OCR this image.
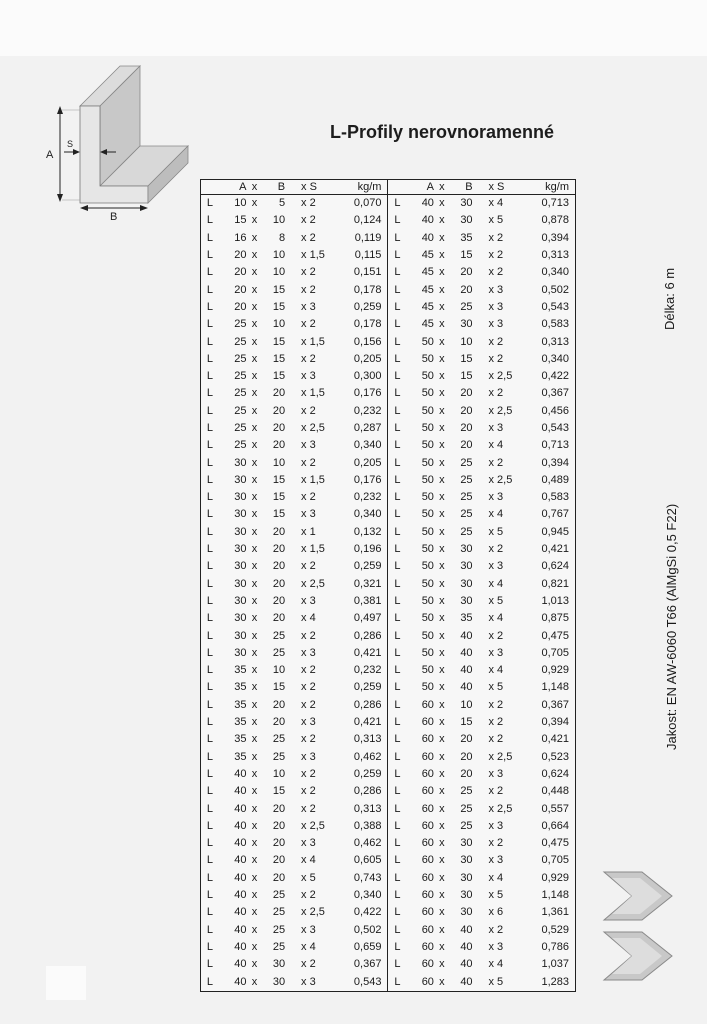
A
S
B
L-Profily nerovnoramenné
	A	x	B		x S	kg/m		A	x	B		x S	kg/m
L	10	x	5		x 2	0,070	L	40	x	30		x 4	0,713
L	15	x	10		x 2	0,124	L	40	x	30		x 5	0,878
L	16	x	8		x 2	0,119	L	40	x	35		x 2	0,394
L	20	x	10		x 1,5	0,115	L	45	x	15		x 2	0,313
L	20	x	10		x 2	0,151	L	45	x	20		x 2	0,340
L	20	x	15		x 2	0,178	L	45	x	20		x 3	0,502
L	20	x	15		x 3	0,259	L	45	x	25		x 3	0,543
L	25	x	10		x 2	0,178	L	45	x	30		x 3	0,583
L	25	x	15		x 1,5	0,156	L	50	x	10		x 2	0,313
L	25	x	15		x 2	0,205	L	50	x	15		x 2	0,340
L	25	x	15		x 3	0,300	L	50	x	15		x 2,5	0,422
L	25	x	20		x 1,5	0,176	L	50	x	20		x 2	0,367
L	25	x	20		x 2	0,232	L	50	x	20		x 2,5	0,456
L	25	x	20		x 2,5	0,287	L	50	x	20		x 3	0,543
L	25	x	20		x 3	0,340	L	50	x	20		x 4	0,713
L	30	x	10		x 2	0,205	L	50	x	25		x 2	0,394
L	30	x	15		x 1,5	0,176	L	50	x	25		x 2,5	0,489
L	30	x	15		x 2	0,232	L	50	x	25		x 3	0,583
L	30	x	15		x 3	0,340	L	50	x	25		x 4	0,767
L	30	x	20		x 1	0,132	L	50	x	25		x 5	0,945
L	30	x	20		x 1,5	0,196	L	50	x	30		x 2	0,421
L	30	x	20		x 2	0,259	L	50	x	30		x 3	0,624
L	30	x	20		x 2,5	0,321	L	50	x	30		x 4	0,821
L	30	x	20		x 3	0,381	L	50	x	30		x 5	1,013
L	30	x	20		x 4	0,497	L	50	x	35		x 4	0,875
L	30	x	25		x 2	0,286	L	50	x	40		x 2	0,475
L	30	x	25		x 3	0,421	L	50	x	40		x 3	0,705
L	35	x	10		x 2	0,232	L	50	x	40		x 4	0,929
L	35	x	15		x 2	0,259	L	50	x	40		x 5	1,148
L	35	x	20		x 2	0,286	L	60	x	10		x 2	0,367
L	35	x	20		x 3	0,421	L	60	x	15		x 2	0,394
L	35	x	25		x 2	0,313	L	60	x	20		x 2	0,421
L	35	x	25		x 3	0,462	L	60	x	20		x 2,5	0,523
L	40	x	10		x 2	0,259	L	60	x	20		x 3	0,624
L	40	x	15		x 2	0,286	L	60	x	25		x 2	0,448
L	40	x	20		x 2	0,313	L	60	x	25		x 2,5	0,557
L	40	x	20		x 2,5	0,388	L	60	x	25		x 3	0,664
L	40	x	20		x 3	0,462	L	60	x	30		x 2	0,475
L	40	x	20		x 4	0,605	L	60	x	30		x 3	0,705
L	40	x	20		x 5	0,743	L	60	x	30		x 4	0,929
L	40	x	25		x 2	0,340	L	60	x	30		x 5	1,148
L	40	x	25		x 2,5	0,422	L	60	x	30		x 6	1,361
L	40	x	25		x 3	0,502	L	60	x	40		x 2	0,529
L	40	x	25		x 4	0,659	L	60	x	40		x 3	0,786
L	40	x	30		x 2	0,367	L	60	x	40		x 4	1,037
L	40	x	30		x 3	0,543	L	60	x	40		x 5	1,283
Délka: 6 m
Jakost: EN AW-6060 T66 (AlMgSi 0,5 F22)
